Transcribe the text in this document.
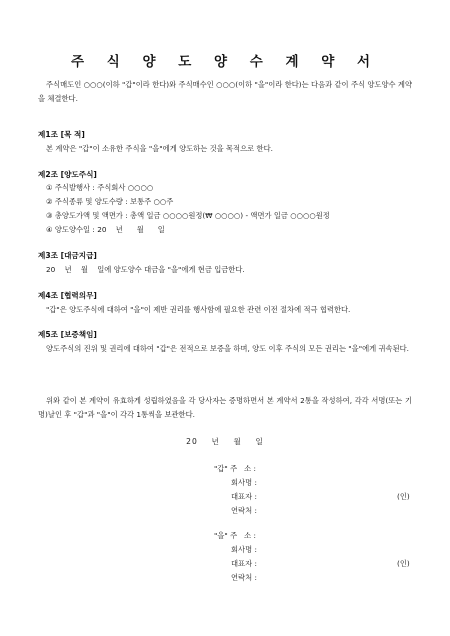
주 식 양 도 양 수 계 약 서
주식매도인 ○○○(이하 "갑"이라 한다)와 주식매수인 ○○○(이하 "을"이라 한다)는 다음과 같이 주식 양도양수 계약을 체결한다.
제1조 [목 적]
본 계약은 "갑"이 소유한 주식을 "을"에게 양도하는 것을 목적으로 한다.
제2조 [양도주식]
① 주식발행사 : 주식회사 ○○○○
② 주식종류 및 양도수량 : 보통주 ○○주
③ 총양도가액 및 액면가 : 총액 일금 ○○○○원정(₩ ○○○○) - 액면가 일금 ○○○○원정
④ 양도양수일 : 20    년      월      일
제3조 [대금지급]
20    년    월    일에 양도양수 대금을 "을"에게 현금 입금한다.
제4조 [협력의무]
"갑"은 양도주식에 대하여 "을"이 제반 권리를 행사함에 필요한 관련 이전 절차에 적극 협력한다.
제5조 [보증책임]
양도주식의 진위 및 권리에 대하여 "갑"은 전적으로 보증을 하며, 양도 이후 주식의 모든 권리는 "을"에게 귀속된다.
위와 같이 본 계약이 유효하게 성립하였음을 각 당사자는 증명하면서 본 계약서 2통을 작성하여, 각각 서명(또는 기명)날인 후 "갑"과 "을"이 각각 1통씩을 보관한다.
20    년    월    일
"갑" 주   소 :
회사명 :
대표자 :	(인)
연락처 :
"을" 주   소 :
회사명 :
대표자 :	(인)
연락처 :
